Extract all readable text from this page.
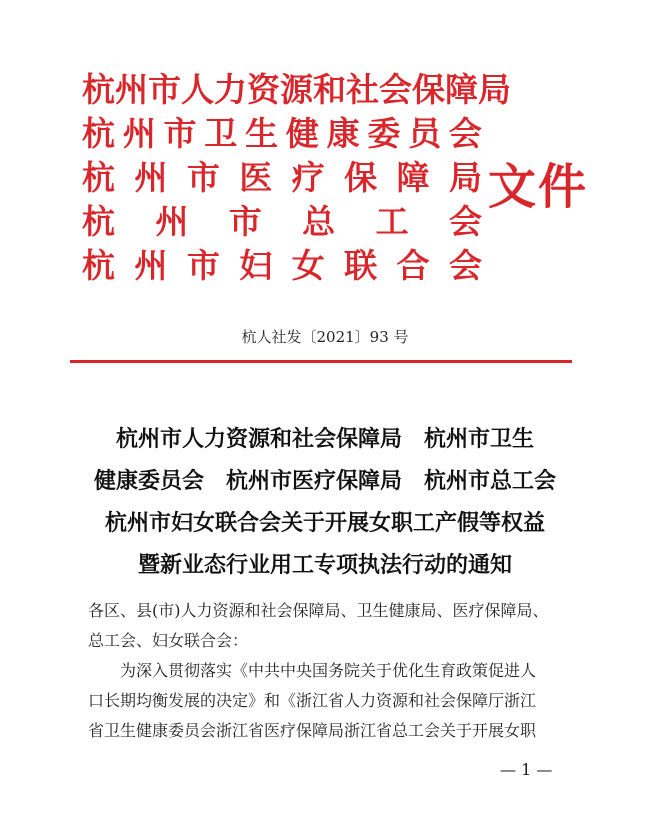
杭 州 市 人 力 资 源 和 社 会 保 障 局
杭 州 市 卫 生 健 康 委 员 会
杭 州 市 医 疗 保 障 局
杭 州 市 总 工 会
杭 州 市 妇 女 联 合 会
文件
杭人社发〔2021〕93 号
杭州市人力资源和社会保障局　杭州市卫生
健康委员会　杭州市医疗保障局　杭州市总工会
杭州市妇女联合会关于开展女职工产假等权益
暨新业态行业用工专项执法行动的通知
各区、县(市)人力资源和社会保障局、卫生健康局、医疗保障局、
总工会、妇女联合会：
为深入贯彻落实《中共中央国务院关于优化生育政策促进人
口长期均衡发展的决定》和《浙江省人力资源和社会保障厅浙江
省卫生健康委员会浙江省医疗保障局浙江省总工会关于开展女职
— 1 —
